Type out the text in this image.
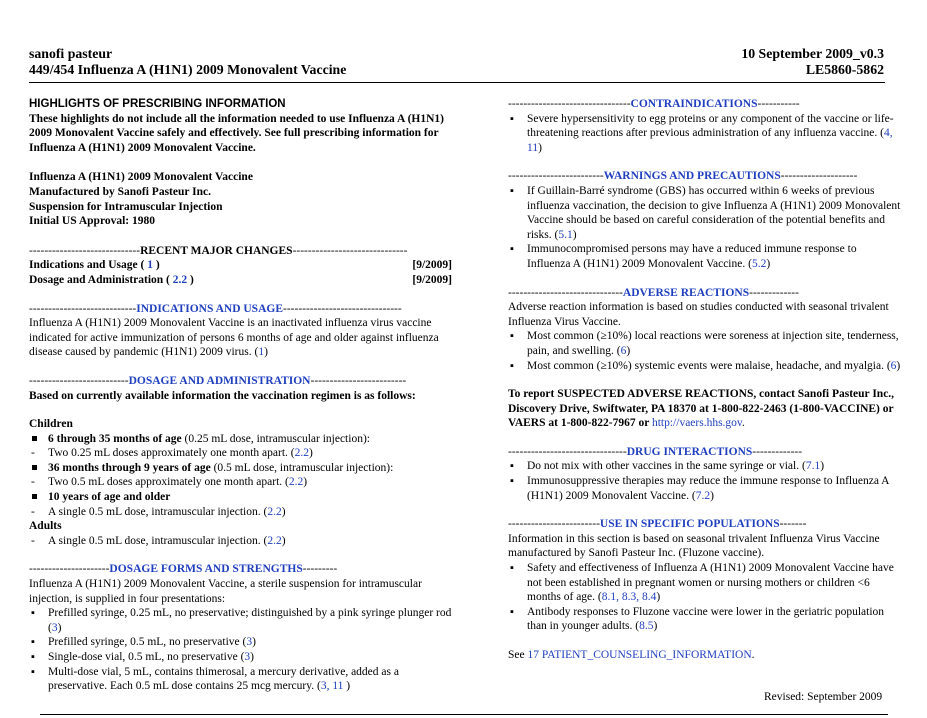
sanofi pasteur
449/454 Influenza A (H1N1) 2009 Monovalent Vaccine
10 September 2009_v0.3
LE5860-5862
HIGHLIGHTS OF PRESCRIBING INFORMATION
These highlights do not include all the information needed to use Influenza A (H1N1) 2009 Monovalent Vaccine safely and effectively. See full prescribing information for Influenza A (H1N1) 2009 Monovalent Vaccine.
Influenza A (H1N1) 2009 Monovalent Vaccine
Manufactured by Sanofi Pasteur Inc.
Suspension for Intramuscular Injection
Initial US Approval: 1980
-----------------------------RECENT MAJOR CHANGES------------------------------
Indications and Usage ( 1 )	[9/2009]
Dosage and Administration ( 2.2 )	[9/2009]
----------------------------INDICATIONS AND USAGE-------------------------------
Influenza A (H1N1) 2009 Monovalent Vaccine is an inactivated influenza virus vaccine indicated for active immunization of persons 6 months of age and older against influenza disease caused by pandemic (H1N1) 2009 virus. (1)
--------------------------DOSAGE AND ADMINISTRATION-------------------------
Based on currently available information the vaccination regimen is as follows:
Children
6 through 35 months of age (0.25 mL dose, intramuscular injection):
- Two 0.25 mL doses approximately one month apart. (2.2)
36 months through 9 years of age (0.5 mL dose, intramuscular injection):
- Two 0.5 mL doses approximately one month apart. (2.2)
10 years of age and older
- A single 0.5 mL dose, intramuscular injection. (2.2)
Adults
- A single 0.5 mL dose, intramuscular injection. (2.2)
---------------------DOSAGE FORMS AND STRENGTHS---------
Influenza A (H1N1) 2009 Monovalent Vaccine, a sterile suspension for intramuscular injection, is supplied in four presentations:
▪ Prefilled syringe, 0.25 mL, no preservative; distinguished by a pink syringe plunger rod (3)
▪ Prefilled syringe, 0.5 mL, no preservative (3)
▪ Single-dose vial, 0.5 mL, no preservative (3)
▪ Multi-dose vial, 5 mL, contains thimerosal, a mercury derivative, added as a preservative. Each 0.5 mL dose contains 25 mcg mercury. (3, 11 )
--------------------------------CONTRAINDICATIONS-----------
▪ Severe hypersensitivity to egg proteins or any component of the vaccine or life-threatening reactions after previous administration of any influenza vaccine. (4, 11)
-------------------------WARNINGS AND PRECAUTIONS--------------------
▪ If Guillain-Barré syndrome (GBS) has occurred within 6 weeks of previous influenza vaccination, the decision to give Influenza A (H1N1) 2009 Monovalent Vaccine should be based on careful consideration of the potential benefits and risks. (5.1)
▪ Immunocompromised persons may have a reduced immune response to Influenza A (H1N1) 2009 Monovalent Vaccine. (5.2)
------------------------------ADVERSE REACTIONS-------------
Adverse reaction information is based on studies conducted with seasonal trivalent Influenza Virus Vaccine.
▪ Most common (≥10%) local reactions were soreness at injection site, tenderness, pain, and swelling. (6)
▪ Most common (≥10%) systemic events were malaise, headache, and myalgia. (6)
To report SUSPECTED ADVERSE REACTIONS, contact Sanofi Pasteur Inc., Discovery Drive, Swiftwater, PA 18370 at 1-800-822-2463 (1-800-VACCINE) or VAERS at 1-800-822-7967 or http://vaers.hhs.gov.
-------------------------------DRUG INTERACTIONS-------------
▪ Do not mix with other vaccines in the same syringe or vial. (7.1)
▪ Immunosuppressive therapies may reduce the immune response to Influenza A (H1N1) 2009 Monovalent Vaccine. (7.2)
------------------------USE IN SPECIFIC POPULATIONS-------
Information in this section is based on seasonal trivalent Influenza Virus Vaccine manufactured by Sanofi Pasteur Inc. (Fluzone vaccine).
▪ Safety and effectiveness of Influenza A (H1N1) 2009 Monovalent Vaccine have not been established in pregnant women or nursing mothers or children <6 months of age. (8.1, 8.3, 8.4)
▪ Antibody responses to Fluzone vaccine were lower in the geriatric population than in younger adults. (8.5)
See 17 PATIENT_COUNSELING_INFORMATION.
Revised: September 2009
